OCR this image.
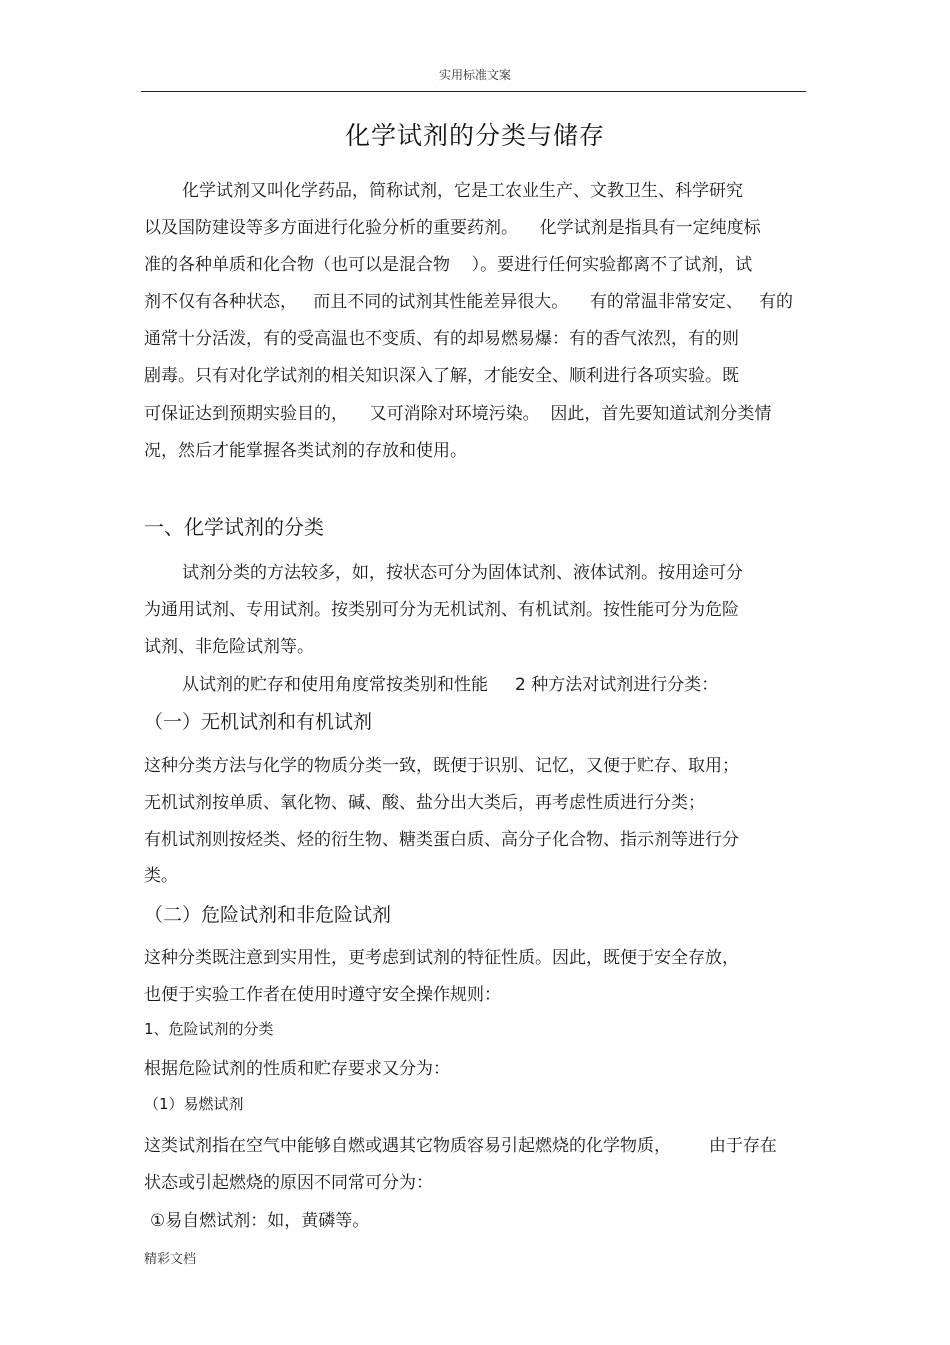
实用标准文案
化学试剂的分类与储存
化学试剂又叫化学药品，简称试剂，它是工农业生产、文教卫生、科学研究
以及国防建设等多方面进行化验分析的重要药剂。    化学试剂是指具有一定纯度标
准的各种单质和化合物（也可以是混合物    ）。要进行任何实验都离不了试剂，试
剂不仅有各种状态，   而且不同的试剂其性能差异很大。    有的常温非常安定、   有的
通常十分活泼，有的受高温也不变质、有的却易燃易爆：有的香气浓烈，有的则
剧毒。只有对化学试剂的相关知识深入了解，才能安全、顺利进行各项实验。既
可保证达到预期实验目的，    又可消除对环境污染。  因此，首先要知道试剂分类情
况，然后才能掌握各类试剂的存放和使用。
一、化学试剂的分类
试剂分类的方法较多，如，按状态可分为固体试剂、液体试剂。按用途可分
为通用试剂、专用试剂。按类别可分为无机试剂、有机试剂。按性能可分为危险
试剂、非危险试剂等。
从试剂的贮存和使用角度常按类别和性能     2 种方法对试剂进行分类：
（一）无机试剂和有机试剂
这种分类方法与化学的物质分类一致，既便于识别、记忆，又便于贮存、取用；
无机试剂按单质、氧化物、碱、酸、盐分出大类后，再考虑性质进行分类；
有机试剂则按烃类、烃的衍生物、糖类蛋白质、高分子化合物、指示剂等进行分
类。
（二）危险试剂和非危险试剂
这种分类既注意到实用性，更考虑到试剂的特征性质。因此，既便于安全存放，
也便于实验工作者在使用时遵守安全操作规则：
1、危险试剂的分类
根据危险试剂的性质和贮存要求又分为：
（1）易燃试剂
这类试剂指在空气中能够自燃或遇其它物质容易引起燃烧的化学物质，       由于存在
状态或引起燃烧的原因不同常可分为：
①易自燃试剂：如，黄磷等。
精彩文档
